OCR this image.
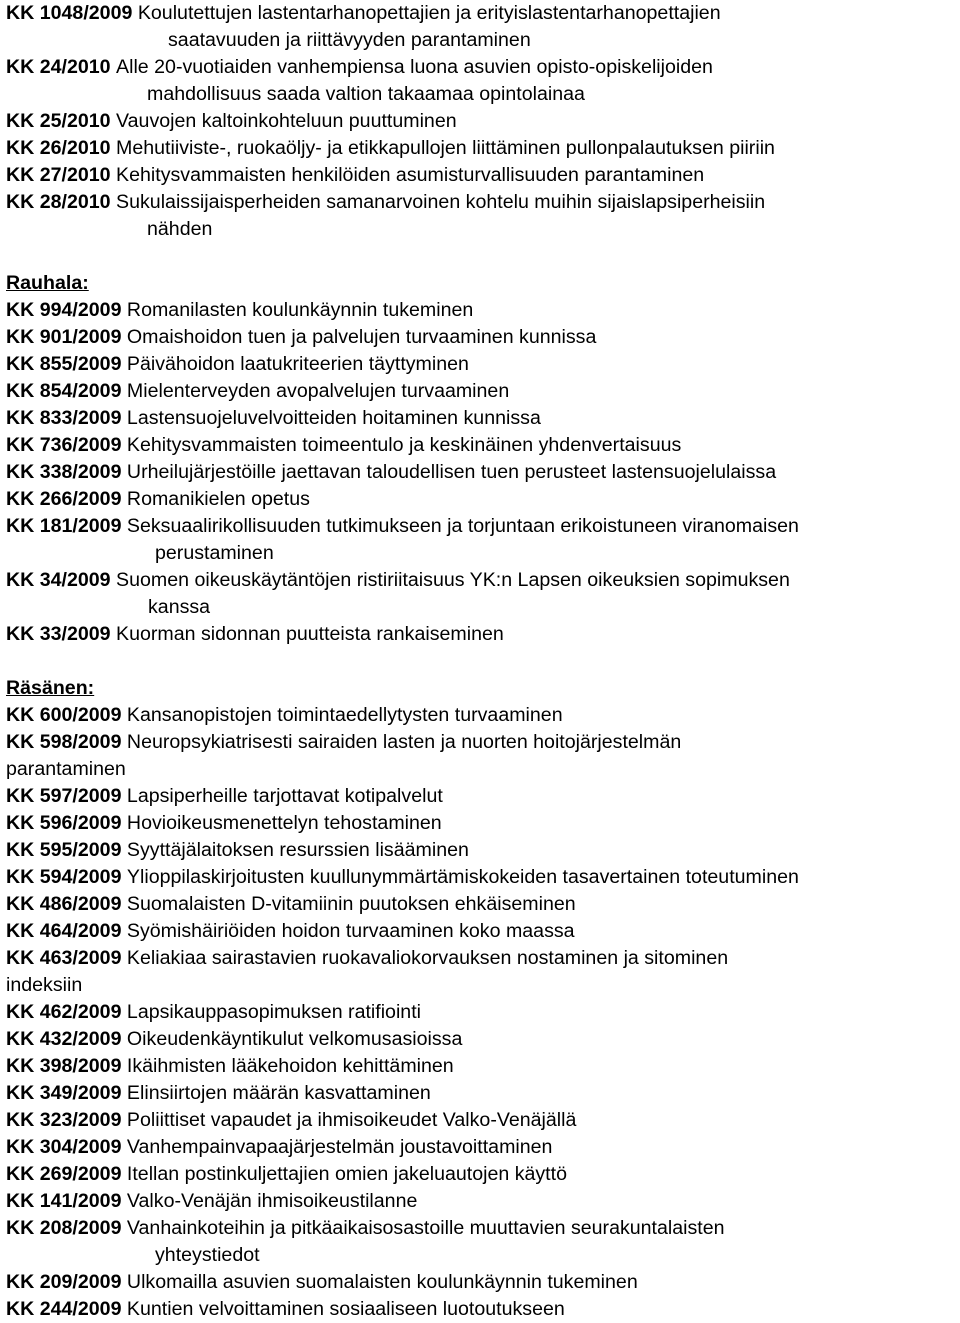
KK 1048/2009
Koulutettujen lastentarhanopettajien ja erityislastentarhanopettajien
saatavuuden ja riittävyyden parantaminen
KK 24/2010
Alle 20-vuotiaiden vanhempiensa luona asuvien opisto-opiskelijoiden
mahdollisuus saada valtion takaamaa opintolainaa
KK 25/2010
Vauvojen kaltoinkohteluun puuttuminen
KK 26/2010
Mehutiiviste-, ruokaöljy- ja etikkapullojen liittäminen pullonpalautuksen piiriin
KK 27/2010
Kehitysvammaisten henkilöiden asumisturvallisuuden parantaminen
KK 28/2010
Sukulaissijaisperheiden samanarvoinen kohtelu muihin sijaislapsiperheisiin
nähden
Rauhala:
KK 994/2009
Romanilasten koulunkäynnin tukeminen
KK 901/2009
Omaishoidon tuen ja palvelujen turvaaminen kunnissa
KK 855/2009
Päivähoidon laatukriteerien täyttyminen
KK 854/2009
Mielenterveyden avopalvelujen turvaaminen
KK 833/2009
Lastensuojeluvelvoitteiden hoitaminen kunnissa
KK 736/2009
Kehitysvammaisten toimeentulo ja keskinäinen yhdenvertaisuus
KK 338/2009
Urheilujärjestöille jaettavan taloudellisen tuen perusteet lastensuojelulaissa
KK 266/2009
Romanikielen opetus
KK 181/2009
Seksuaalirikollisuuden tutkimukseen ja torjuntaan erikoistuneen viranomaisen
perustaminen
KK 34/2009
Suomen oikeuskäytäntöjen ristiriitaisuus YK:n Lapsen oikeuksien sopimuksen
kanssa
KK 33/2009
Kuorman sidonnan puutteista rankaiseminen
Räsänen:
KK 600/2009
Kansanopistojen toimintaedellytysten turvaaminen
KK 598/2009
Neuropsykiatrisesti sairaiden lasten ja nuorten hoitojärjestelmän
parantaminen
KK 597/2009
Lapsiperheille tarjottavat kotipalvelut
KK 596/2009
Hovioikeusmenettelyn tehostaminen
KK 595/2009
Syyttäjälaitoksen resurssien lisääminen
KK 594/2009
Ylioppilaskirjoitusten kuullunymmärtämiskokeiden tasavertainen toteutuminen
KK 486/2009
Suomalaisten D-vitamiinin puutoksen ehkäiseminen
KK 464/2009
Syömishäiriöiden hoidon turvaaminen koko maassa
KK 463/2009
Keliakiaa sairastavien ruokavaliokorvauksen nostaminen ja sitominen
indeksiin
KK 462/2009
Lapsikauppasopimuksen ratifiointi
KK 432/2009
Oikeudenkäyntikulut velkomusasioissa
KK 398/2009
Ikäihmisten lääkehoidon kehittäminen
KK 349/2009
Elinsiirtojen määrän kasvattaminen
KK 323/2009
Poliittiset vapaudet ja ihmisoikeudet Valko-Venäjällä
KK 304/2009
Vanhempainvapaajärjestelmän joustavoittaminen
KK 269/2009
Itellan postinkuljettajien omien jakeluautojen käyttö
KK 141/2009
Valko-Venäjän ihmisoikeustilanne
KK 208/2009
Vanhainkoteihin ja pitkäaikaisosastoille muuttavien seurakuntalaisten
yhteystiedot
KK 209/2009
Ulkomailla asuvien suomalaisten koulunkäynnin tukeminen
KK 244/2009
Kuntien velvoittaminen sosiaaliseen luotoutukseen
